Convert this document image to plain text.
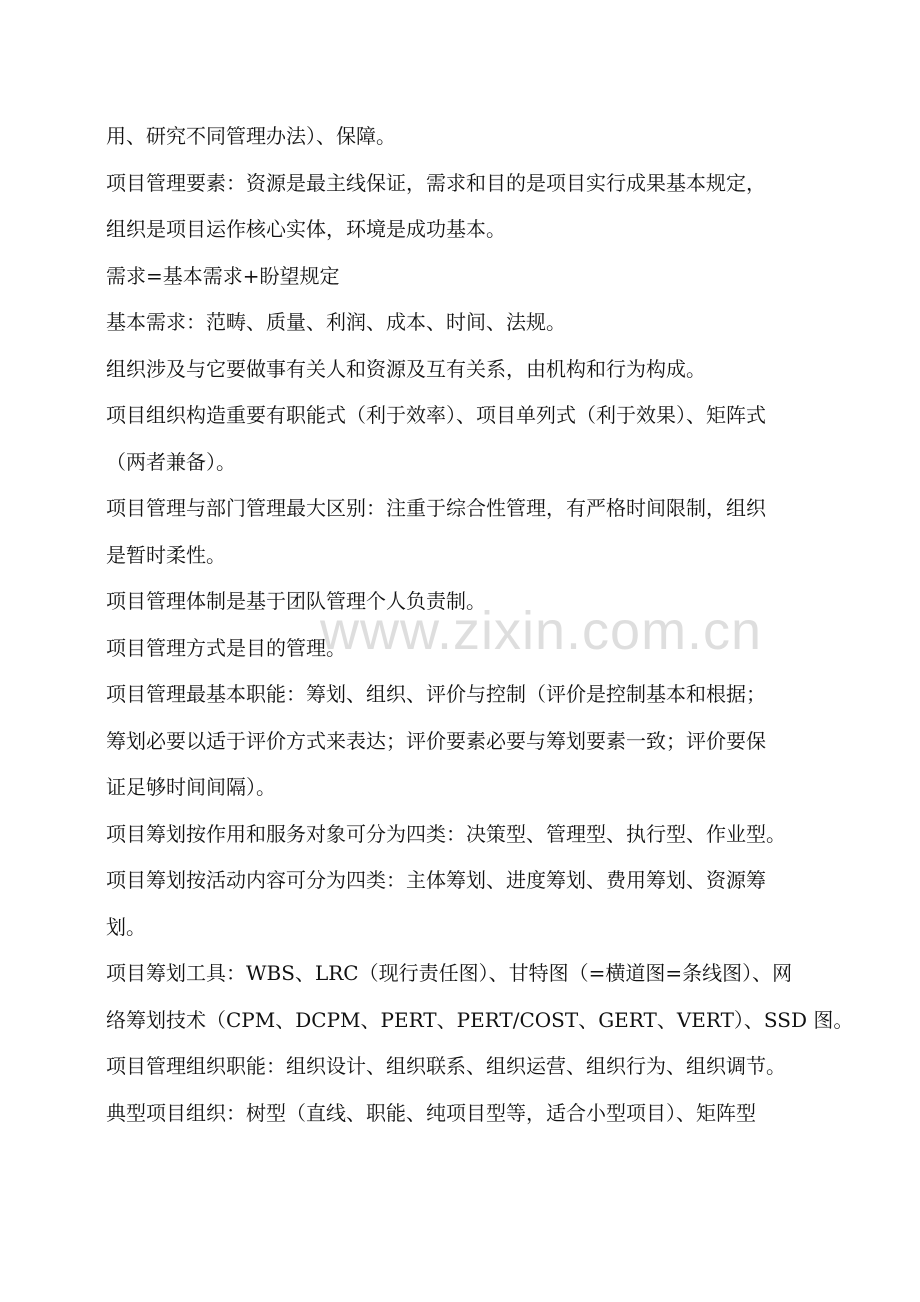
www.zixin.com.cn
用、研究不同管理办法）、保障。
项目管理要素：资源是最主线保证，需求和目的是项目实行成果基本规定，
组织是项目运作核心实体，环境是成功基本。
需求=基本需求+盼望规定
基本需求：范畴、质量、利润、成本、时间、法规。
组织涉及与它要做事有关人和资源及互有关系，由机构和行为构成。
项目组织构造重要有职能式（利于效率）、项目单列式（利于效果）、矩阵式
（两者兼备）。
项目管理与部门管理最大区别：注重于综合性管理，有严格时间限制，组织
是暂时柔性。
项目管理体制是基于团队管理个人负责制。
项目管理方式是目的管理。
项目管理最基本职能：筹划、组织、评价与控制（评价是控制基本和根据；
筹划必要以适于评价方式来表达；评价要素必要与筹划要素一致；评价要保
证足够时间间隔）。
项目筹划按作用和服务对象可分为四类：决策型、管理型、执行型、作业型。
项目筹划按活动内容可分为四类：主体筹划、进度筹划、费用筹划、资源筹
划。
项目筹划工具：WBS、LRC（现行责任图）、甘特图（=横道图=条线图）、网
络筹划技术（CPM、DCPM、PERT、PERT/COST、GERT、VERT）、SSD 图。
项目管理组织职能：组织设计、组织联系、组织运营、组织行为、组织调节。
典型项目组织：树型（直线、职能、纯项目型等，适合小型项目）、矩阵型
